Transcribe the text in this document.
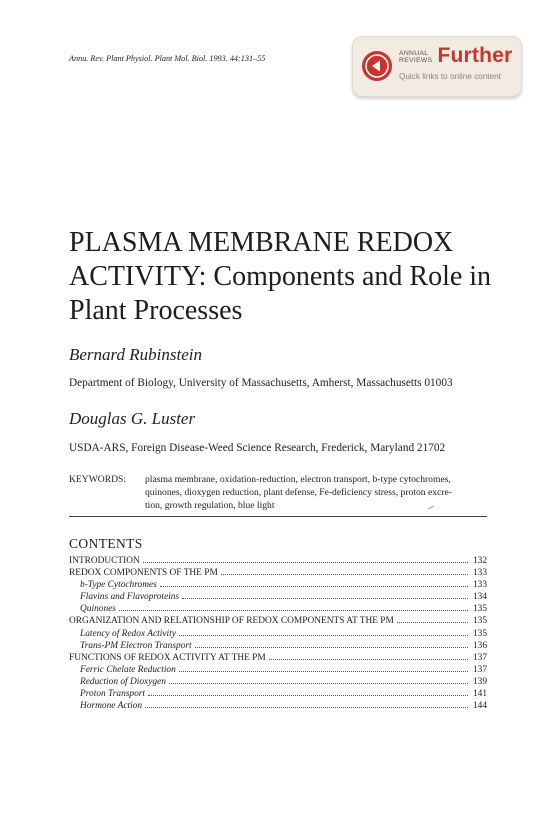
Annu. Rev. Plant Physiol. Plant Mol. Biol. 1993. 44:131–55
ANNUAL
REVIEWS Further
Quick links to online content
PLASMA MEMBRANE REDOX
ACTIVITY: Components and Role in
Plant Processes
Bernard Rubinstein
Department of Biology, University of Massachusetts, Amherst, Massachusetts 01003
Douglas G. Luster
USDA-ARS, Foreign Disease-Weed Science Research, Frederick, Maryland 21702
KEYWORDS:	plasma membrane, oxidation-reduction, electron transport, b-type cytochromes,
quinones, dioxygen reduction, plant defense, Fe-deficiency stress, proton excre-
tion, growth regulation, blue light
CONTENTS
INTRODUCTION	132
REDOX COMPONENTS OF THE PM	133
b-Type Cytochromes	133
Flavins and Flavoproteins	134
Quinones	135
ORGANIZATION AND RELATIONSHIP OF REDOX COMPONENTS AT THE PM	135
Latency of Redox Activity	135
Trans-PM Electron Transport	136
FUNCTIONS OF REDOX ACTIVITY AT THE PM	137
Ferric Chelate Reduction	137
Reduction of Dioxygen	139
Proton Transport	141
Hormone Action	144
